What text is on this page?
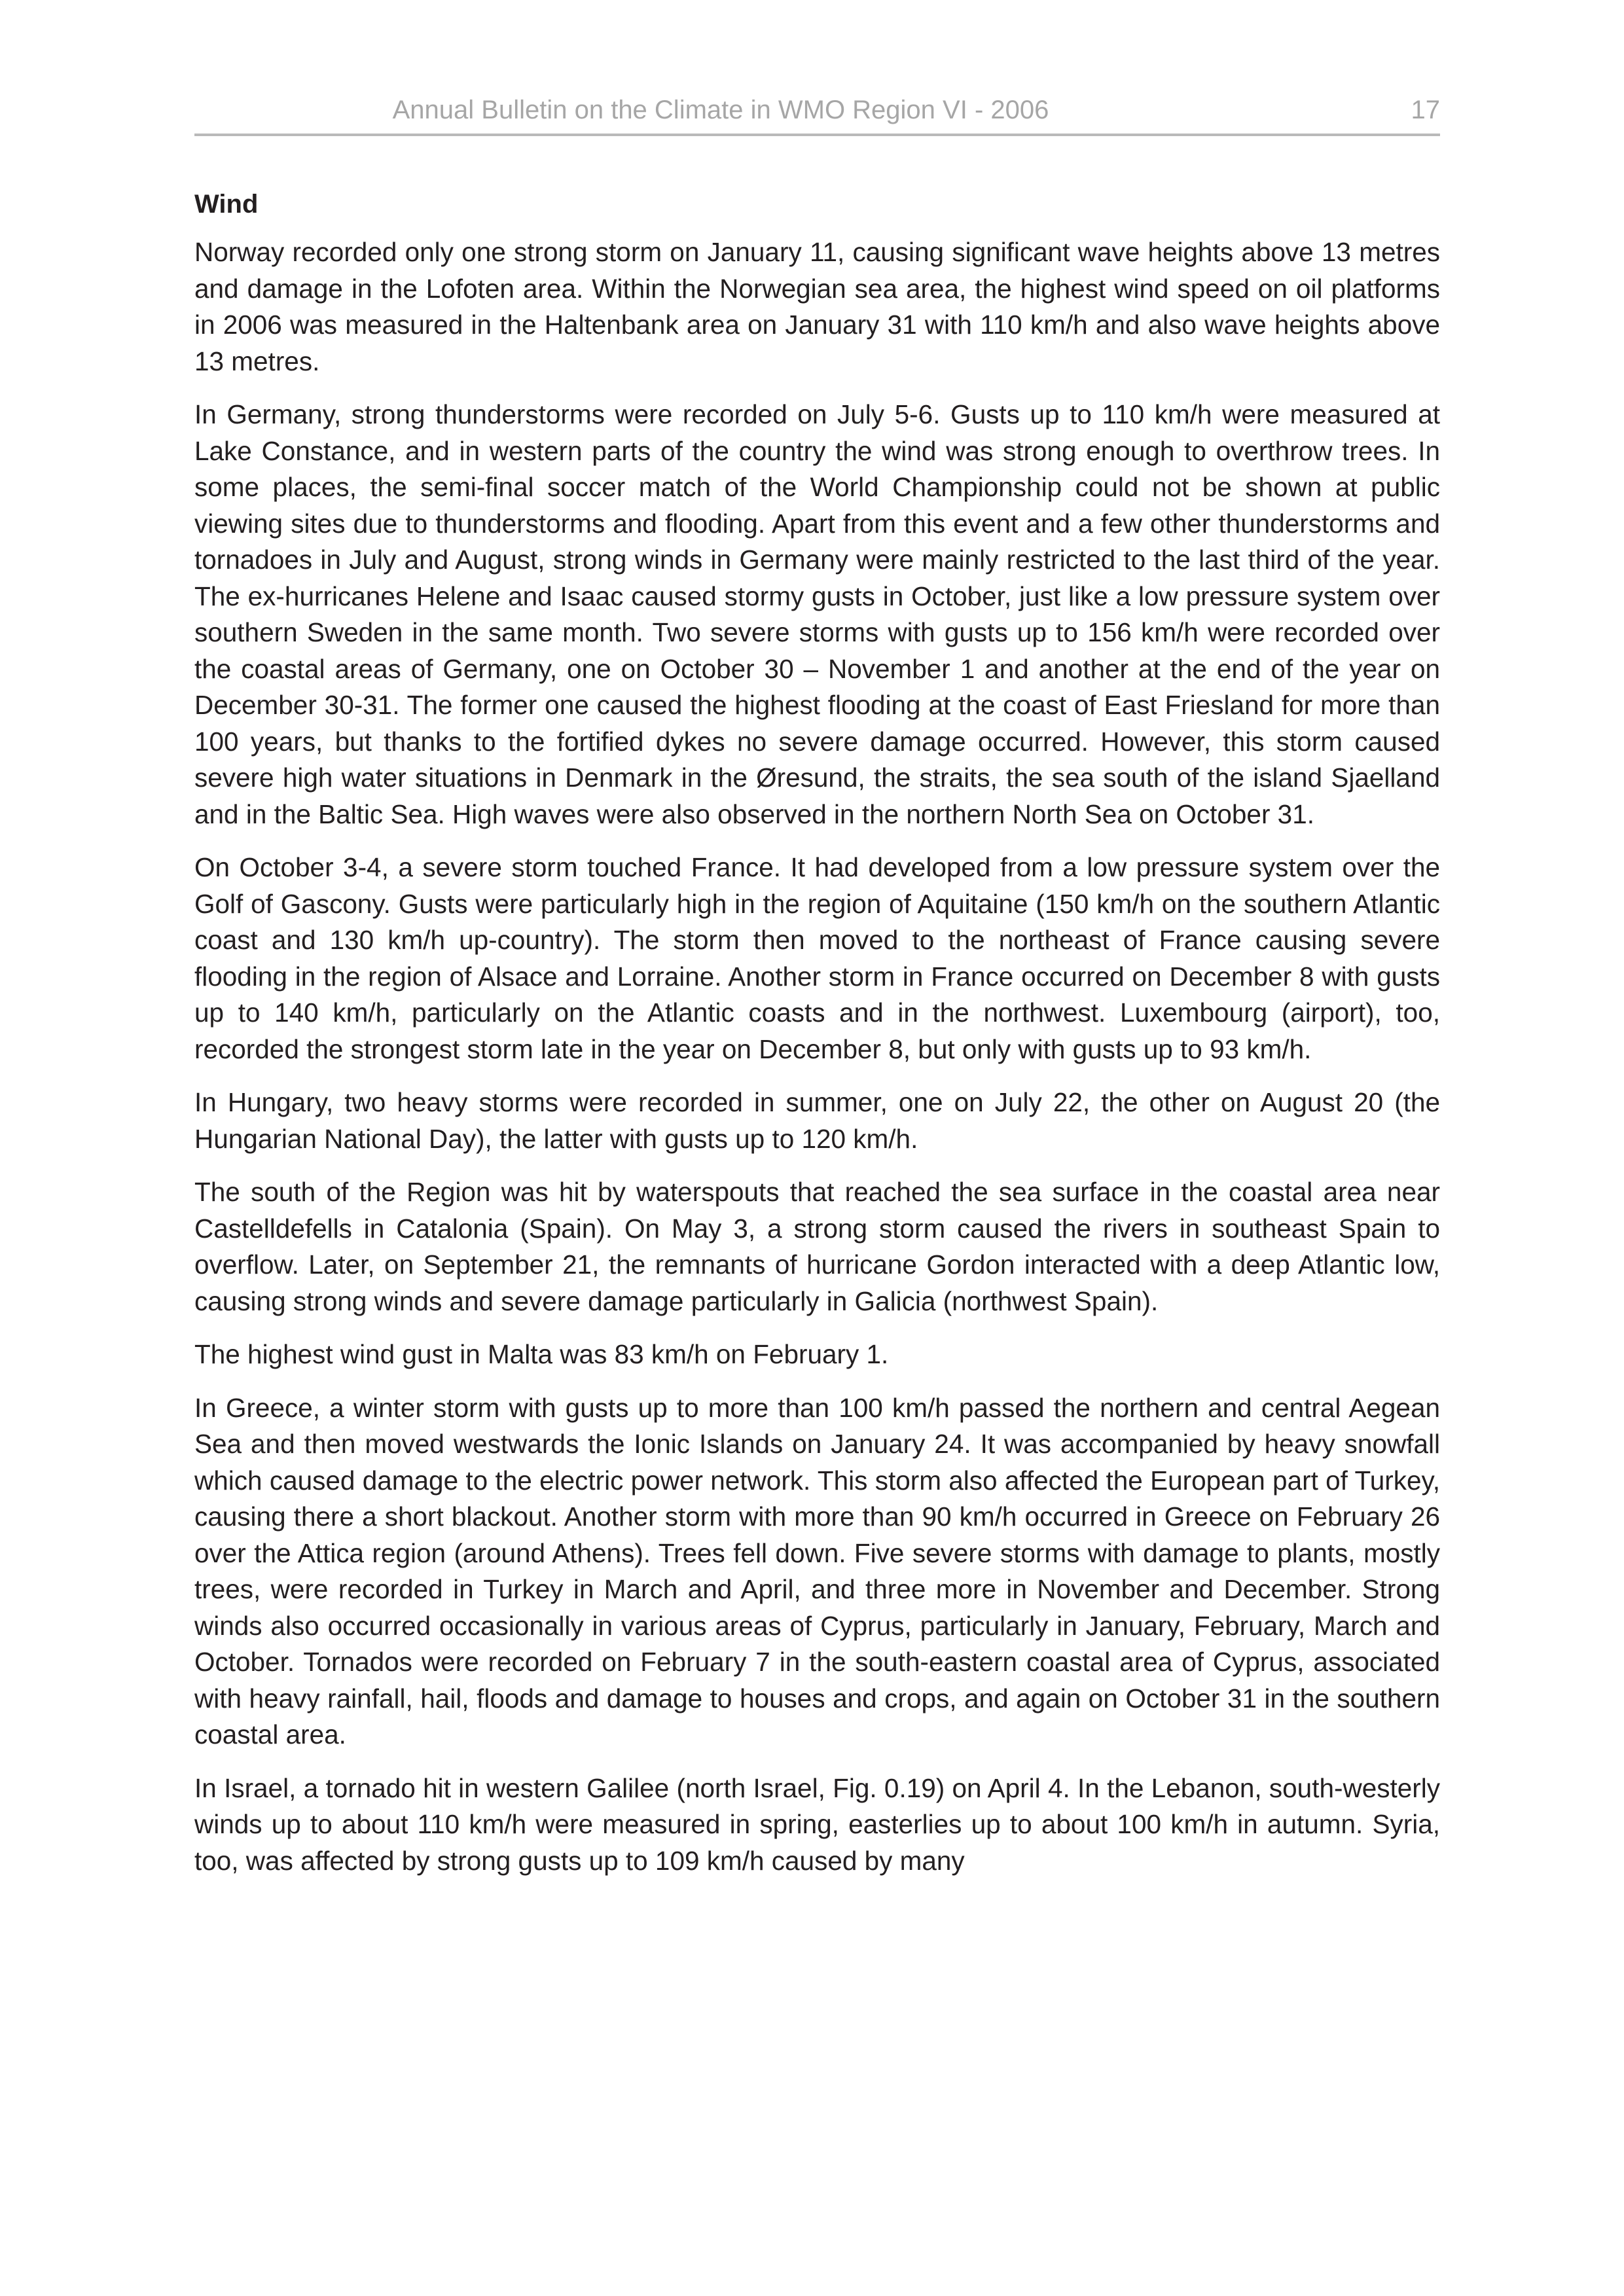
Annual Bulletin on the Climate in WMO Region VI - 2006	17
Wind

Norway recorded only one strong storm on January 11, causing significant wave heights above 13 metres and damage in the Lofoten area. Within the Norwegian sea area, the highest wind speed on oil platforms in 2006 was measured in the Haltenbank area on January 31 with 110 km/h and also wave heights above 13 metres.

In Germany, strong thunderstorms were recorded on July 5-6. Gusts up to 110 km/h were measured at Lake Constance, and in western parts of the country the wind was strong enough to overthrow trees. In some places, the semi-final soccer match of the World Championship could not be shown at public viewing sites due to thunderstorms and flooding. Apart from this event and a few other thunderstorms and tornadoes in July and August, strong winds in Germany were mainly restricted to the last third of the year. The ex-hurricanes Helene and Isaac caused stormy gusts in October, just like a low pressure system over southern Sweden in the same month. Two severe storms with gusts up to 156 km/h were recorded over the coastal areas of Germany, one on October 30 – November 1 and another at the end of the year on December 30-31. The former one caused the highest flooding at the coast of East Friesland for more than 100 years, but thanks to the fortified dykes no severe damage occurred. However, this storm caused severe high water situations in Denmark in the Øresund, the straits, the sea south of the island Sjaelland and in the Baltic Sea. High waves were also observed in the northern North Sea on October 31.

On October 3-4, a severe storm touched France. It had developed from a low pressure system over the Golf of Gascony. Gusts were particularly high in the region of Aquitaine (150 km/h on the southern Atlantic coast and 130 km/h up-country). The storm then moved to the northeast of France causing severe flooding in the region of Alsace and Lorraine. Another storm in France occurred on December 8 with gusts up to 140 km/h, particularly on the Atlantic coasts and in the northwest. Luxembourg (airport), too, recorded the strongest storm late in the year on December 8, but only with gusts up to 93 km/h.

In Hungary, two heavy storms were recorded in summer, one on July 22, the other on August 20 (the Hungarian National Day), the latter with gusts up to 120 km/h.

The south of the Region was hit by waterspouts that reached the sea surface in the coastal area near Castelldefells in Catalonia (Spain). On May 3, a strong storm caused the rivers in southeast Spain to overflow. Later, on September 21, the remnants of hurricane Gordon interacted with a deep Atlantic low, causing strong winds and severe damage particularly in Galicia (northwest Spain).

The highest wind gust in Malta was 83 km/h on February 1.

In Greece, a winter storm with gusts up to more than 100 km/h passed the northern and central Aegean Sea and then moved westwards the Ionic Islands on January 24. It was accompanied by heavy snowfall which caused damage to the electric power network. This storm also affected the European part of Turkey, causing there a short blackout. Another storm with more than 90 km/h occurred in Greece on February 26 over the Attica region (around Athens). Trees fell down. Five severe storms with damage to plants, mostly trees, were recorded in Turkey in March and April, and three more in November and December. Strong winds also occurred occasionally in various areas of Cyprus, particularly in January, February, March and October. Tornados were recorded on February 7 in the south-eastern coastal area of Cyprus, associated with heavy rainfall, hail, floods and damage to houses and crops, and again on October 31 in the southern coastal area.

In Israel, a tornado hit in western Galilee (north Israel, Fig. 0.19) on April 4. In the Lebanon, south-westerly winds up to about 110 km/h were measured in spring, easterlies up to about 100 km/h in autumn. Syria, too, was affected by strong gusts up to 109 km/h caused by many
